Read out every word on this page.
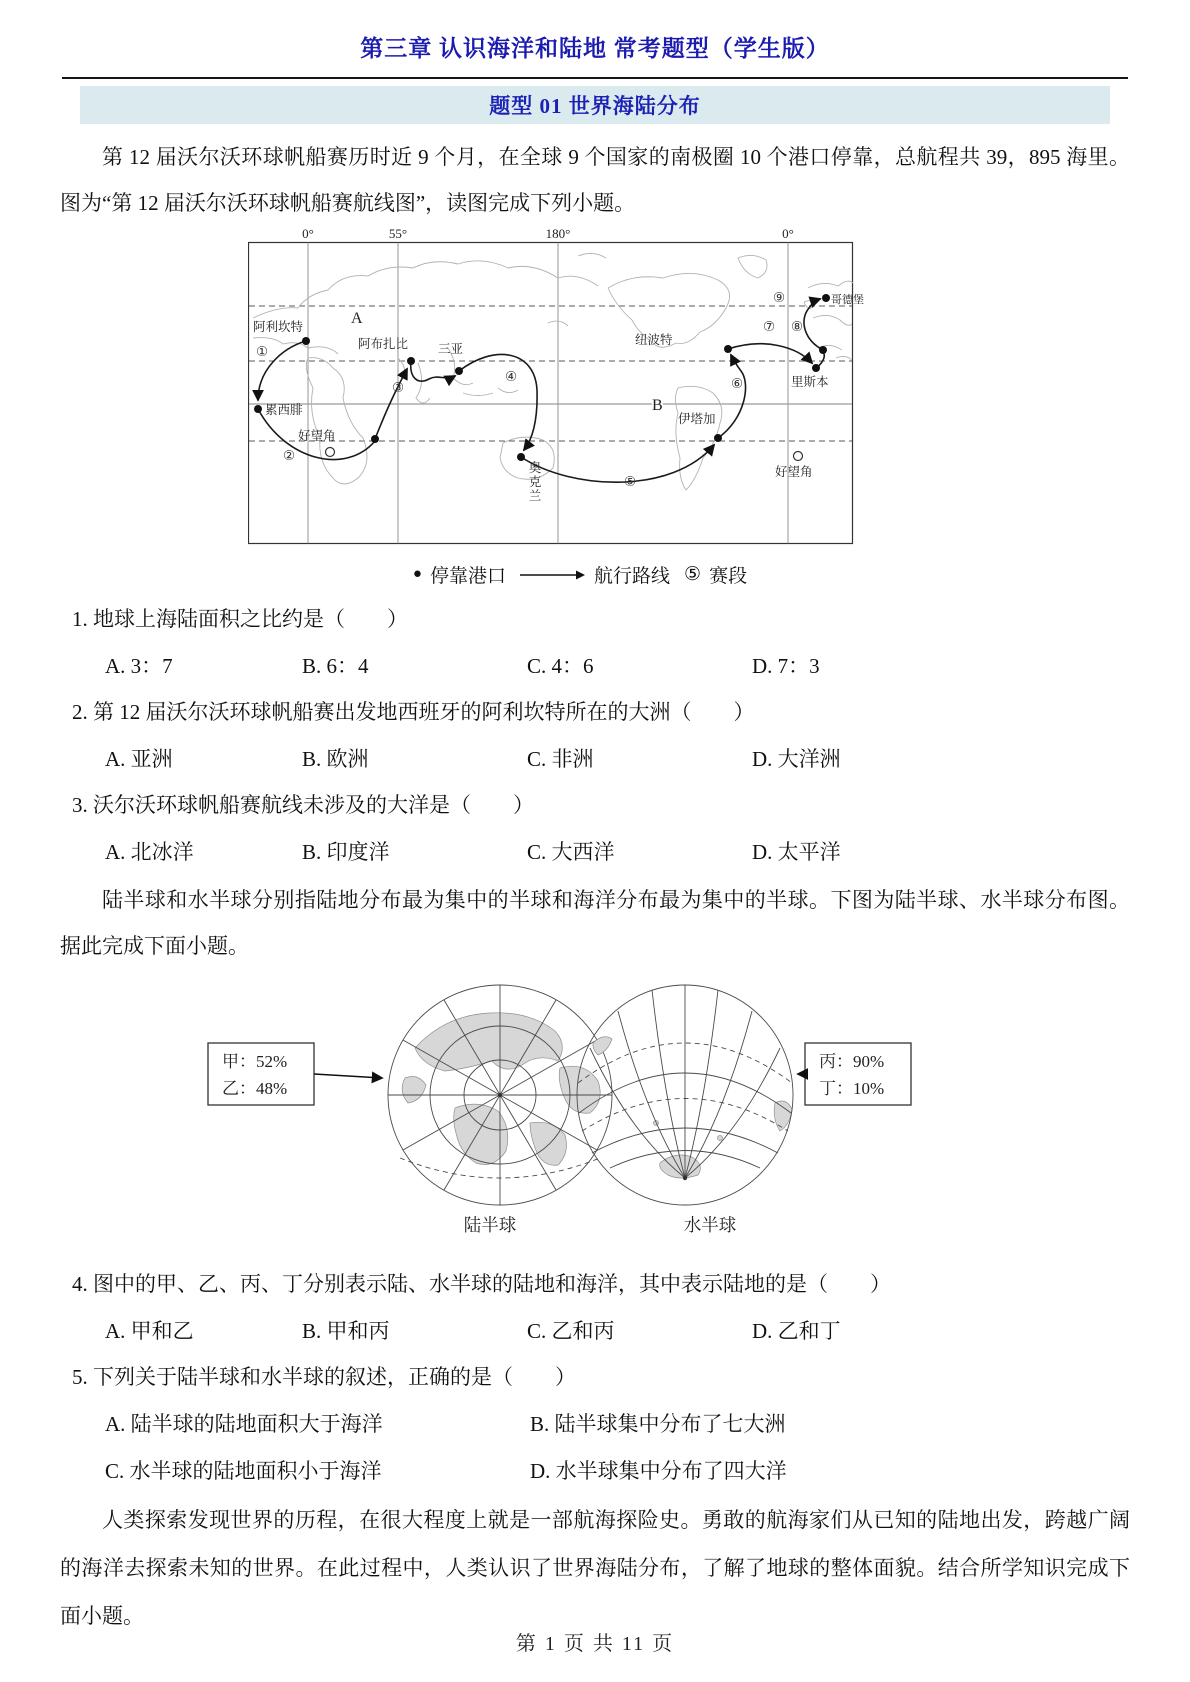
第三章 认识海洋和陆地 常考题型（学生版）
题型 01 世界海陆分布

第 12 届沃尔沃环球帆船赛历时近 9 个月，在全球 9 个国家的南极圈 10 个港口停靠，总航程共 39，895 海里。图为“第 12 届沃尔沃环球帆船赛航线图”，读图完成下列小题。

0°	55°	180°	0°
阿利坎特
累西腓
好望角
阿布扎比 三亚
奥
克
兰
伊塔加
纽波特
里斯本
哥德堡
好望角
①
②
③
④
⑤
⑥
⑦ ⑧
⑨
A
B
● 停靠港口	航行路线 ⑤ 赛段
1. 地球上海陆面积之比约是（　　）
A. 3：7	B. 6：4	C. 4：6	D. 7：3
2. 第 12 届沃尔沃环球帆船赛出发地西班牙的阿利坎特所在的大洲（　　）
A. 亚洲	B. 欧洲	C. 非洲	D. 大洋洲
3. 沃尔沃环球帆船赛航线未涉及的大洋是（　　）
A. 北冰洋	B. 印度洋	C. 大西洋	D. 太平洋

陆半球和水半球分别指陆地分布最为集中的半球和海洋分布最为集中的半球。下图为陆半球、水半球分布图。据此完成下面小题。

甲：52%
乙：48%
丙：90%
丁：10%
陆半球	水半球
4. 图中的甲、乙、丙、丁分别表示陆、水半球的陆地和海洋，其中表示陆地的是（　　）
A. 甲和乙	B. 甲和丙	C. 乙和丙	D. 乙和丁
5. 下列关于陆半球和水半球的叙述，正确的是（　　）
A. 陆半球的陆地面积大于海洋	B. 陆半球集中分布了七大洲
C. 水半球的陆地面积小于海洋	D. 水半球集中分布了四大洋

人类探索发现世界的历程，在很大程度上就是一部航海探险史。勇敢的航海家们从已知的陆地出发，跨越广阔的海洋去探索未知的世界。在此过程中，人类认识了世界海陆分布，了解了地球的整体面貌。结合所学知识完成下面小题。

第 1 页 共 11 页
